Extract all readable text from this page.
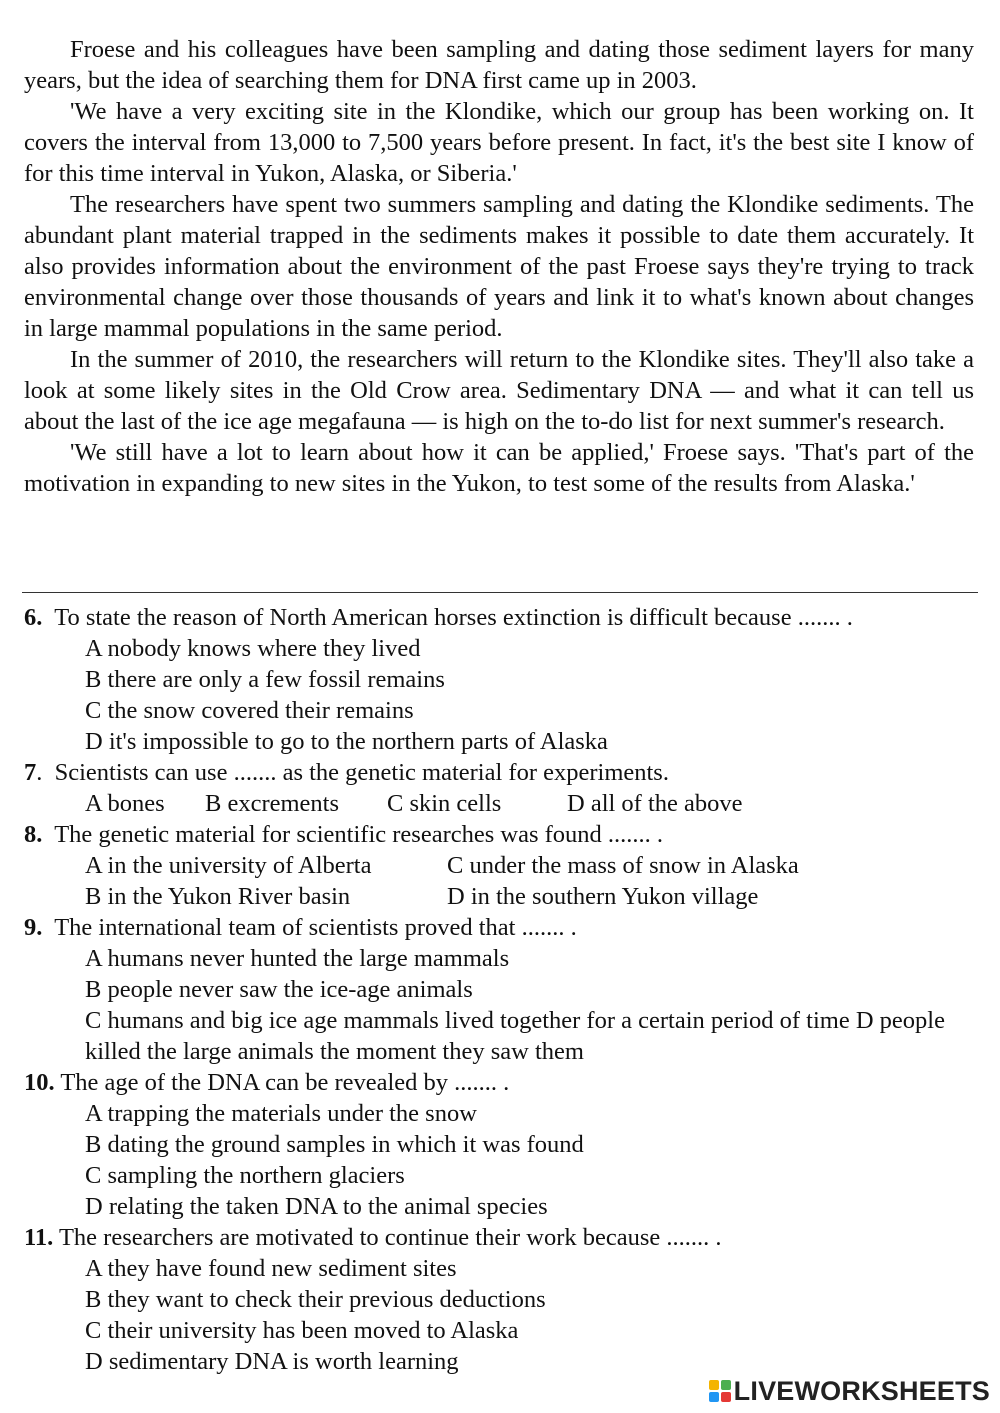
Froese and his colleagues have been sampling and dating those sediment layers for many years, but the idea of searching them for DNA first came up in 2003.

'We have a very exciting site in the Klondike, which our group has been working on. It covers the interval from 13,000 to 7,500 years before present. In fact, it's the best site I know of for this time interval in Yukon, Alaska, or Siberia.'

The researchers have spent two summers sampling and dating the Klondike sediments. The abundant plant material trapped in the sediments makes it possible to date them accurately. It also provides information about the environment of the past Froese says they're trying to track environmental change over those thousands of years and link it to what's known about changes in large mammal populations in the same period.

In the summer of 2010, the researchers will return to the Klondike sites. They'll also take a look at some likely sites in the Old Crow area. Sedimentary DNA — and what it can tell us about the last of the ice age megafauna — is high on the to-do list for next summer's research.

'We still have a lot to learn about how it can be applied,' Froese says. 'That's part of the motivation in expanding to new sites in the Yukon, to test some of the results from Alaska.'

6. To state the reason of North American horses extinction is difficult because ....... .
A nobody knows where they lived
B there are only a few fossil remains
C the snow covered their remains
D it's impossible to go to the northern parts of Alaska
7. Scientists can use ....... as the genetic material for experiments.
A bones	B excrements	C skin cells	D all of the above
8. The genetic material for scientific researches was found ....... .
A in the university of Alberta	C under the mass of snow in Alaska
B in the Yukon River basin	D in the southern Yukon village
9. The international team of scientists proved that ....... .
A humans never hunted the large mammals
B people never saw the ice-age animals
C humans and big ice age mammals lived together for a certain period of time D people killed the large animals the moment they saw them
10. The age of the DNA can be revealed by ....... .
A trapping the materials under the snow
B dating the ground samples in which it was found
C sampling the northern glaciers
D relating the taken DNA to the animal species
11. The researchers are motivated to continue their work because ....... .
A they have found new sediment sites
B they want to check their previous deductions
C their university has been moved to Alaska
D sedimentary DNA is worth learning
LIVEWORKSHEETS
